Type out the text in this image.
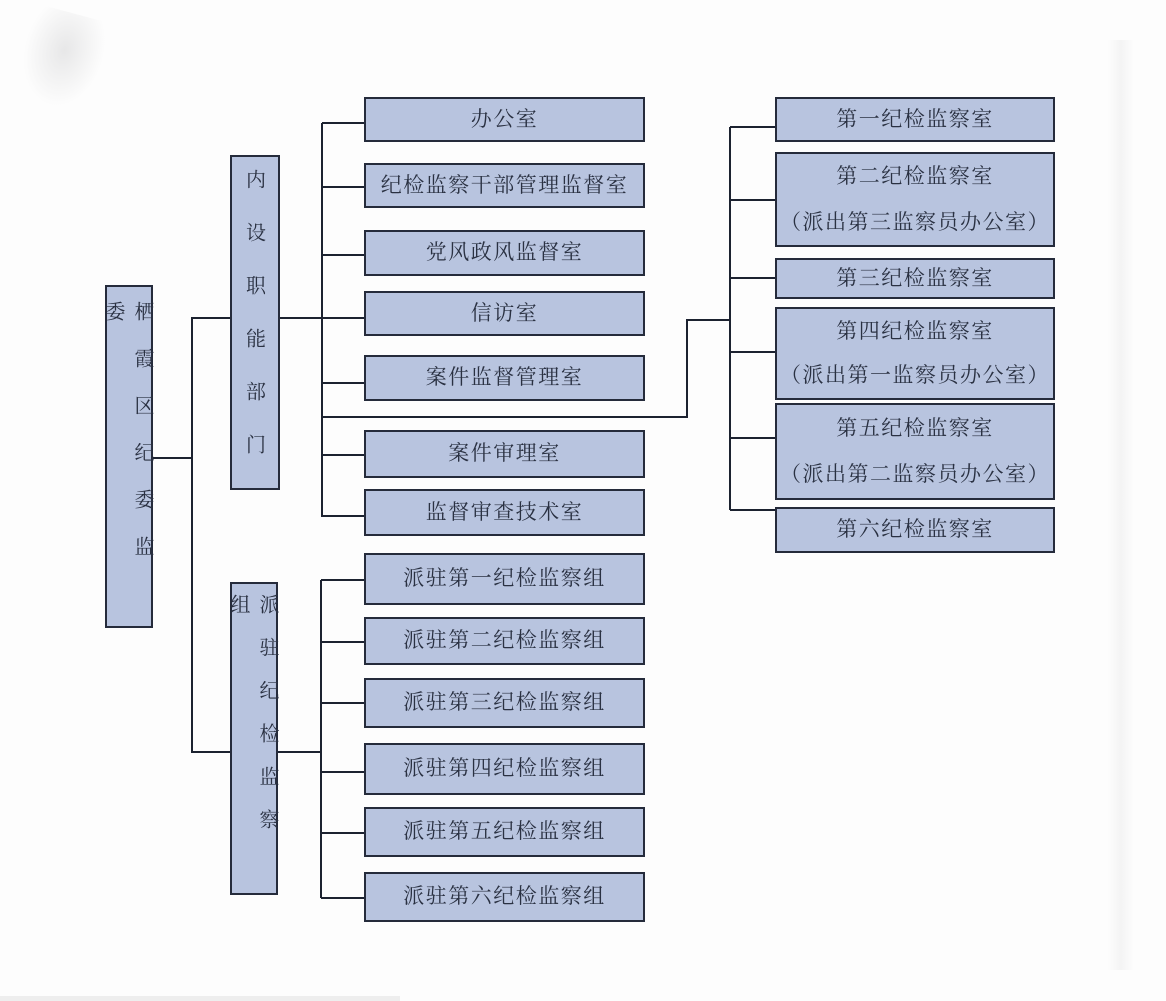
栖霞区纪委监委	内设职能部门
派驻纪检监察组
办公室
纪检监察干部管理监督室
党风政风监督室
信访室
案件监督管理室
案件审理室
监督审查技术室
第一纪检监察室
第二纪检监察室
（派出第三监察员办公室）
第三纪检监察室
第四纪检监察室
（派出第一监察员办公室）
第五纪检监察室
（派出第二监察员办公室）
第六纪检监察室
派驻第一纪检监察组
派驻第二纪检监察组
派驻第三纪检监察组
派驻第四纪检监察组
派驻第五纪检监察组
派驻第六纪检监察组
